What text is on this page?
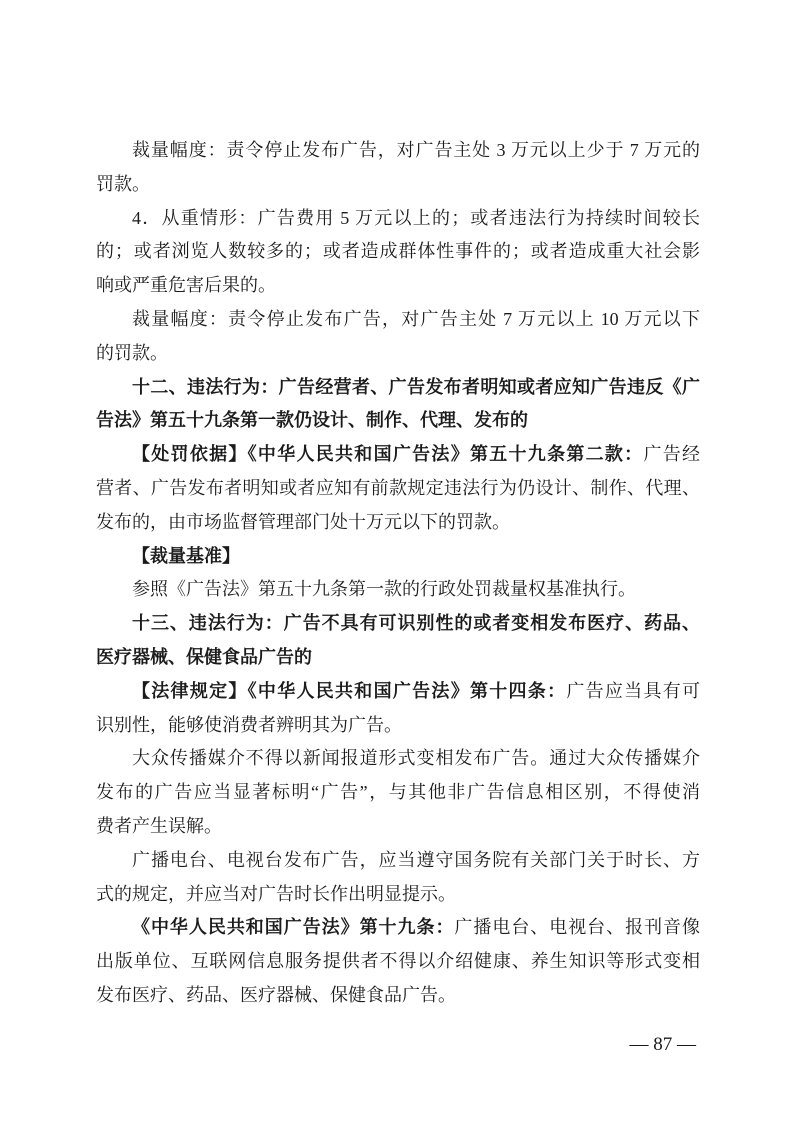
裁量幅度：责令停止发布广告，对广告主处 3 万元以上少于 7 万元的
罚款。
4．从重情形：广告费用 5 万元以上的；或者违法行为持续时间较长
的；或者浏览人数较多的；或者造成群体性事件的；或者造成重大社会影
响或严重危害后果的。
裁量幅度：责令停止发布广告，对广告主处 7 万元以上 10 万元以下
的罚款。
十二、违法行为：广告经营者、广告发布者明知或者应知广告违反《广
告法》第五十九条第一款仍设计、制作、代理、发布的
【处罚依据】《中华人民共和国广告法》第五十九条第二款：广告经
营者、广告发布者明知或者应知有前款规定违法行为仍设计、制作、代理、
发布的，由市场监督管理部门处十万元以下的罚款。
【裁量基准】
参照《广告法》第五十九条第一款的行政处罚裁量权基准执行。
十三、违法行为：广告不具有可识别性的或者变相发布医疗、药品、
医疗器械、保健食品广告的
【法律规定】《中华人民共和国广告法》第十四条：广告应当具有可
识别性，能够使消费者辨明其为广告。
大众传播媒介不得以新闻报道形式变相发布广告。通过大众传播媒介
发布的广告应当显著标明“广告”，与其他非广告信息相区别，不得使消
费者产生误解。
广播电台、电视台发布广告，应当遵守国务院有关部门关于时长、方
式的规定，并应当对广告时长作出明显提示。
《中华人民共和国广告法》第十九条：广播电台、电视台、报刊音像
出版单位、互联网信息服务提供者不得以介绍健康、养生知识等形式变相
发布医疗、药品、医疗器械、保健食品广告。
— 87 —
